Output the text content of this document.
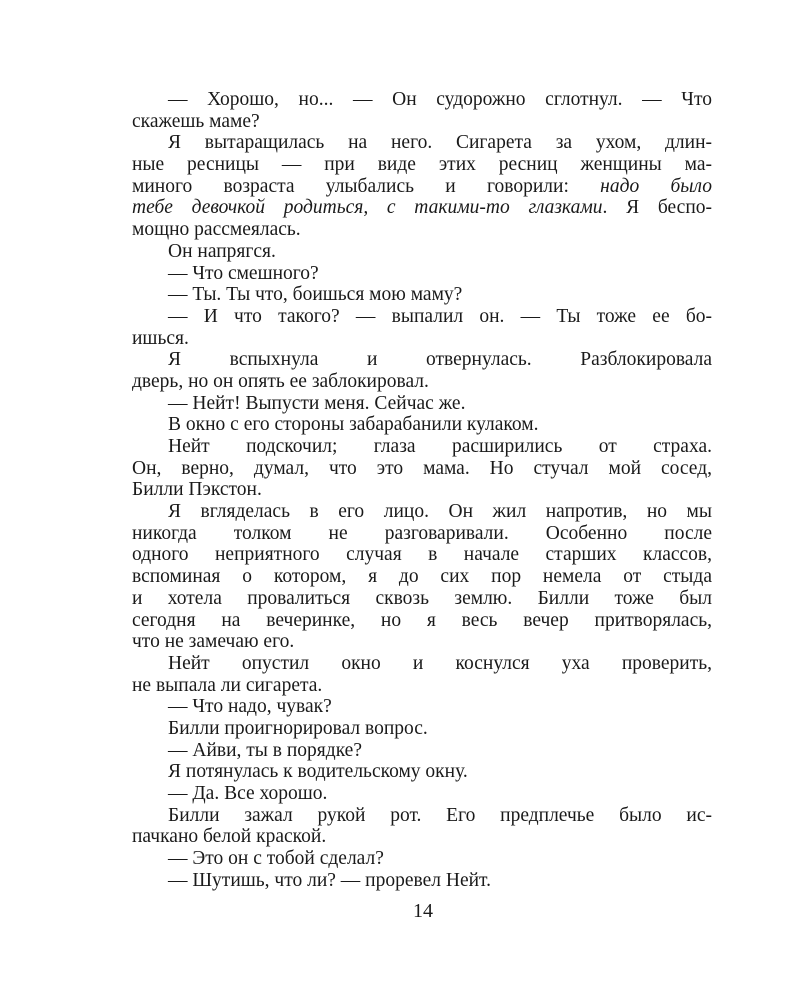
— Хорошо, но... — Он судорожно сглотнул. — Что
скажешь маме?
Я вытаращилась на него. Сигарета за ухом, длин-
ные ресницы — при виде этих ресниц женщины ма-
миного возраста улыбались и говорили: надо было
тебе девочкой родиться, с такими-то глазками. Я беспо-
мощно рассмеялась.
Он напрягся.
— Что смешного?
— Ты. Ты что, боишься мою маму?
— И что такого? — выпалил он. — Ты тоже ее бо-
ишься.
Я вспыхнула и отвернулась. Разблокировала
дверь, но он опять ее заблокировал.
— Нейт! Выпусти меня. Сейчас же.
В окно с его стороны забарабанили кулаком.
Нейт подскочил; глаза расширились от страха.
Он, верно, думал, что это мама. Но стучал мой сосед,
Билли Пэкстон.
Я вгляделась в его лицо. Он жил напротив, но мы
никогда толком не разговаривали. Особенно после
одного неприятного случая в начале старших классов,
вспоминая о котором, я до сих пор немела от стыда
и хотела провалиться сквозь землю. Билли тоже был
сегодня на вечеринке, но я весь вечер притворялась,
что не замечаю его.
Нейт опустил окно и коснулся уха проверить,
не выпала ли сигарета.
— Что надо, чувак?
Билли проигнорировал вопрос.
— Айви, ты в порядке?
Я потянулась к водительскому окну.
— Да. Все хорошо.
Билли зажал рукой рот. Его предплечье было ис-
пачкано белой краской.
— Это он с тобой сделал?
— Шутишь, что ли? — проревел Нейт.
14
